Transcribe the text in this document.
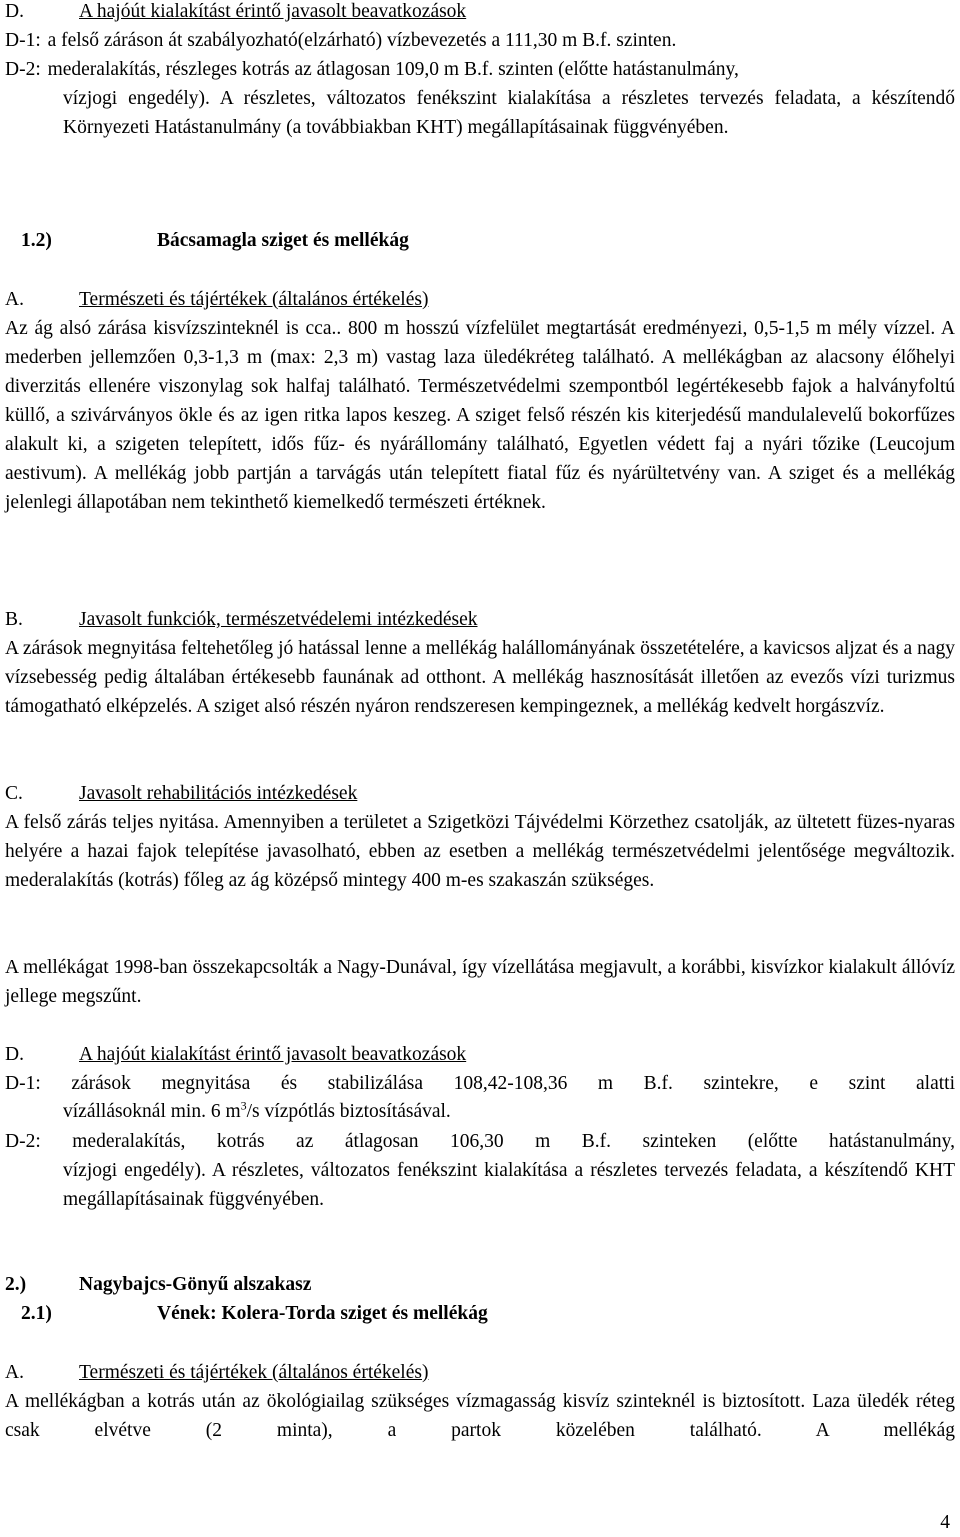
D.	A hajóút kialakítást érintő javasolt beavatkozások
D-1: a felső záráson át szabályozható(elzárható) vízbevezetés a 111,30 m B.f. szinten.
D-2: mederalakítás, részleges kotrás az átlagosan 109,0 m B.f. szinten (előtte hatástanulmány,
vízjogi engedély). A részletes, változatos fenékszint kialakítása a részletes tervezés feladata, a készítendő Környezeti Hatástanulmány (a továbbiakban KHT) megállapításainak függvényében.
1.2)	Bácsamagla sziget és mellékág
A.	Természeti és tájértékek (általános értékelés)
Az ág alsó zárása kisvízszinteknél is cca.. 800 m hosszú vízfelület megtartását eredményezi, 0,5-1,5 m mély vízzel. A mederben jellemzően 0,3-1,3 m (max: 2,3 m) vastag laza üledékréteg található. A mellékágban az alacsony élőhelyi diverzitás ellenére viszonylag sok halfaj található. Természetvédelmi szempontból legértékesebb fajok a halványfoltú küllő, a szivárványos ökle és az igen ritka lapos keszeg. A sziget felső részén kis kiterjedésű mandulalevelű bokorfűzes alakult ki, a szigeten telepített, idős fűz- és nyárállomány található, Egyetlen védett faj a nyári tőzike (Leucojum aestivum). A mellékág jobb partján a tarvágás után telepített fiatal fűz és nyárültetvény van. A sziget és a mellékág jelenlegi állapotában nem tekinthető kiemelkedő természeti értéknek.
B.	Javasolt funkciók, természetvédelemi intézkedések
A zárások megnyitása feltehetőleg jó hatással lenne a mellékág halállományának összetételére, a kavicsos aljzat és a nagy vízsebesség pedig általában értékesebb faunának ad otthont. A mellékág hasznosítását illetően az evezős vízi turizmus támogatható elképzelés. A sziget alsó részén nyáron rendszeresen kempingeznek, a mellékág kedvelt horgászvíz.
C.	Javasolt rehabilitációs intézkedések
A felső zárás teljes nyitása. Amennyiben a területet a Szigetközi Tájvédelmi Körzethez csatolják, az ültetett füzes-nyaras helyére a hazai fajok telepítése javasolható, ebben az esetben a mellékág természetvédelmi jelentősége megváltozik. mederalakítás (kotrás) főleg az ág középső mintegy 400 m-es szakaszán szükséges.
A mellékágat 1998-ban összekapcsolták a Nagy-Dunával, így vízellátása megjavult, a korábbi, kisvízkor kialakult állóvíz jellege megszűnt.
D.	A hajóút kialakítást érintő javasolt beavatkozások
D-1: zárások megnyitása és stabilizálása 108,42-108,36 m B.f. szintekre, e szint alatti
vízállásoknál min. 6 $m^3/s$ vízpótlás biztosításával.
D-2: mederalakítás, kotrás az átlagosan 106,30 m B.f. szinteken (előtte hatástanulmány,
vízjogi engedély). A részletes, változatos fenékszint kialakítása a részletes tervezés feladata, a készítendő KHT megállapításainak függvényében.
2.)	Nagybajcs-Gönyű alszakasz
2.1)	Vének: Kolera-Torda sziget és mellékág
A.	Természeti és tájértékek (általános értékelés)
A mellékágban a kotrás után az ökológiailag szükséges vízmagasság kisvíz szinteknél is biztosított. Laza üledék réteg csak elvétve (2 minta), a partok közelében található. A mellékág
4
